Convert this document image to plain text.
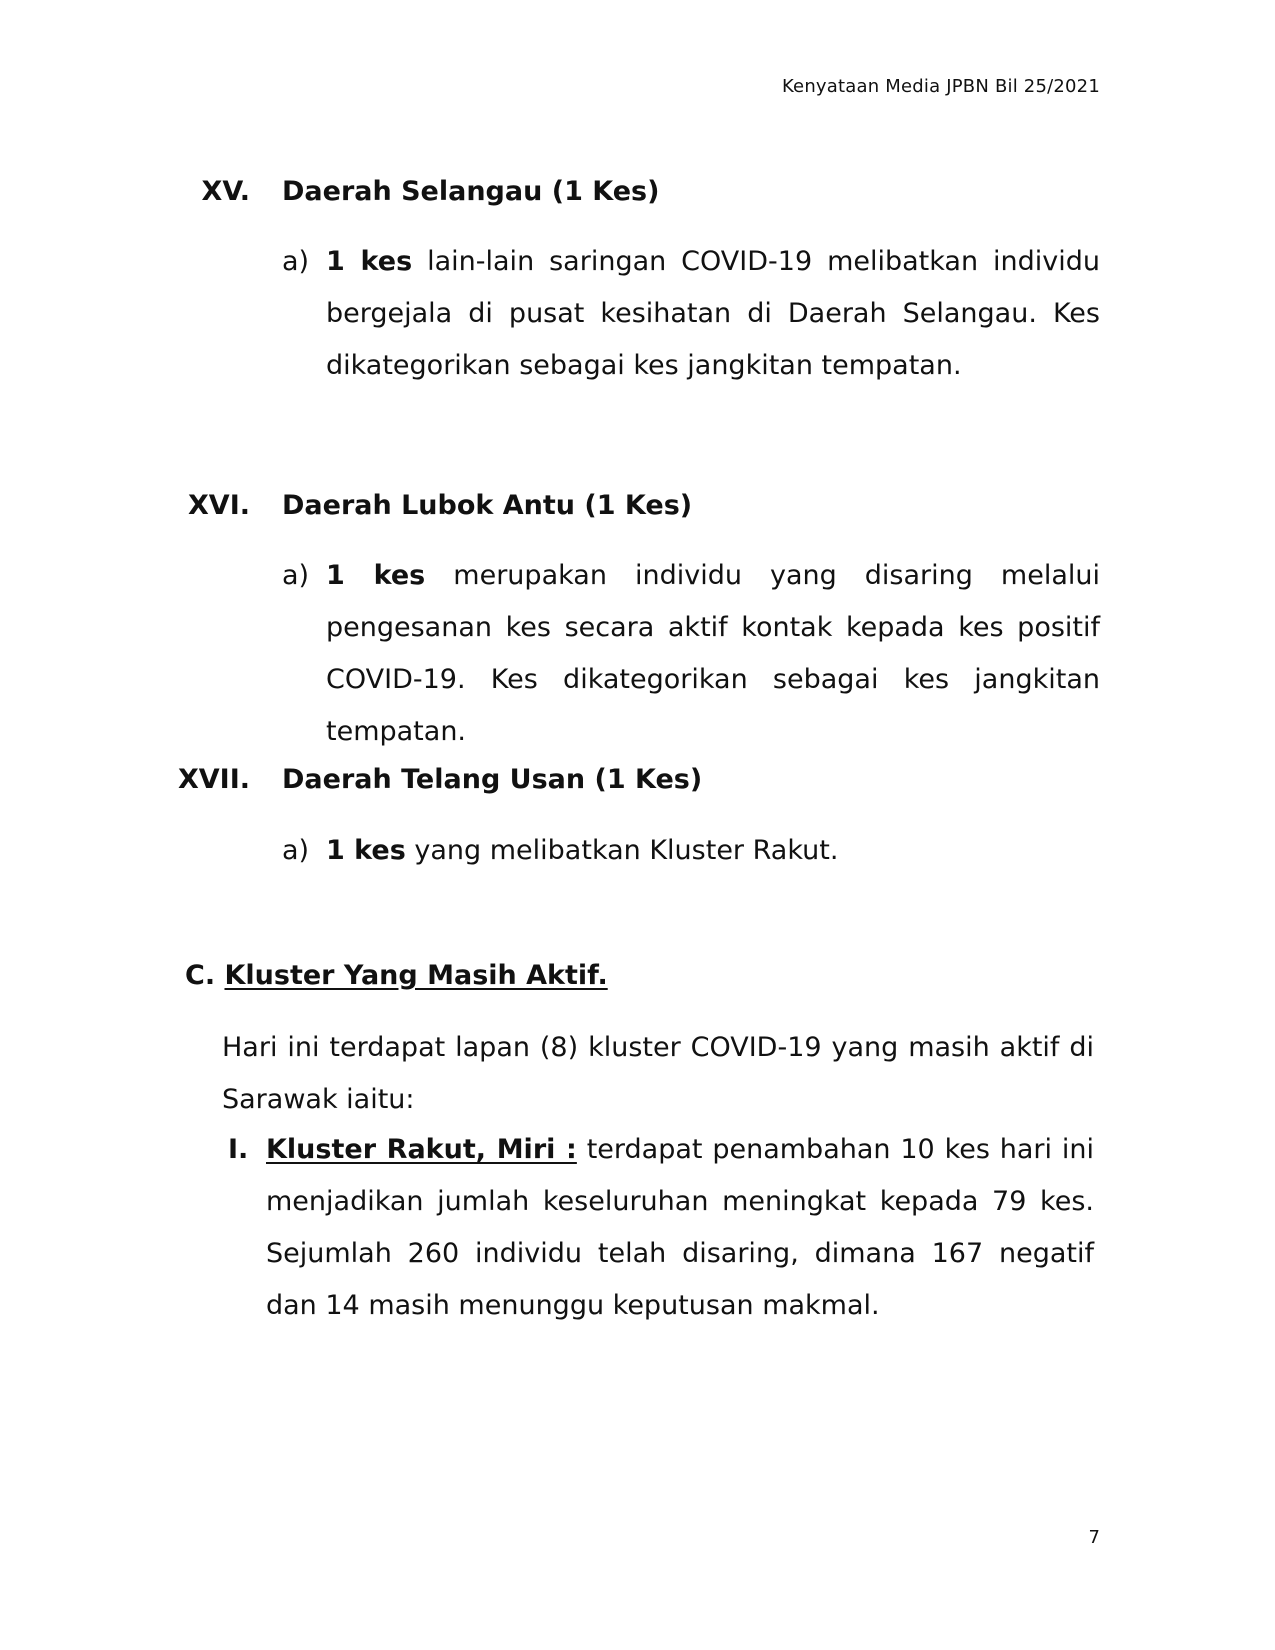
Kenyataan Media JPBN Bil 25/2021
XV. Daerah Selangau (1 Kes)
a) 1 kes lain-lain saringan COVID-19 melibatkan individu bergejala di pusat kesihatan di Daerah Selangau. Kes dikategorikan sebagai kes jangkitan tempatan.
XVI. Daerah Lubok Antu (1 Kes)
a) 1 kes merupakan individu yang disaring melalui pengesanan kes secara aktif kontak kepada kes positif COVID-19. Kes dikategorikan sebagai kes jangkitan tempatan.
XVII. Daerah Telang Usan (1 Kes)
a) 1 kes yang melibatkan Kluster Rakut.
C. Kluster Yang Masih Aktif.
Hari ini terdapat lapan (8) kluster COVID-19 yang masih aktif di Sarawak iaitu:
I. Kluster Rakut, Miri : terdapat penambahan 10 kes hari ini menjadikan jumlah keseluruhan meningkat kepada 79 kes. Sejumlah 260 individu telah disaring, dimana 167 negatif dan 14 masih menunggu keputusan makmal.
7
